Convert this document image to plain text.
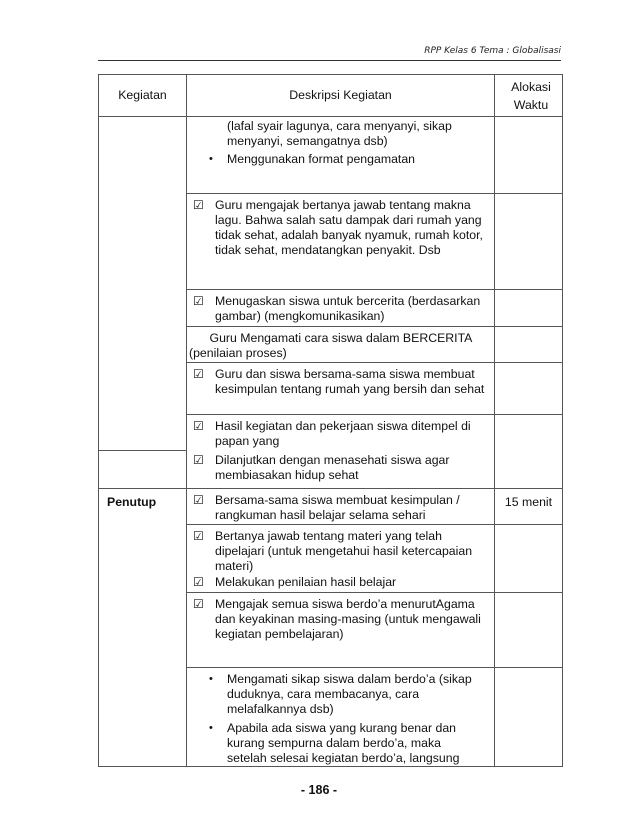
RPP Kelas 6 Tema : Globalisasi
Kegiatan	Deskripsi Kegiatan	Alokasi
Waktu

	(lafal syair lagunya, cara menyanyi, sikap menyanyi, semangatnya dsb)
• Menggunakan format pengamatan	

	☑ Guru mengajak bertanya jawab tentang makna lagu. Bahwa salah satu dampak dari rumah yang tidak sehat, adalah banyak nyamuk, rumah kotor, tidak sehat, mendatangkan penyakit. Dsb	

	☑ Menugaskan siswa untuk bercerita (berdasarkan gambar) (mengkomunikasikan)	

	Guru Mengamati cara siswa dalam BERCERITA (penilaian proses)	

	☑ Guru dan siswa bersama-sama siswa membuat kesimpulan tentang rumah yang bersih dan sehat	

	☑ Hasil kegiatan dan pekerjaan siswa ditempel di papan yang
☑ Dilanjutkan dengan menasehati siswa agar membiasakan hidup sehat	

Penutup	☑ Bersama-sama siswa membuat kesimpulan / rangkuman hasil belajar selama sehari	15 menit

	☑ Bertanya jawab tentang materi yang telah dipelajari (untuk mengetahui hasil ketercapaian materi)
☑ Melakukan penilaian hasil belajar	

	☑ Mengajak semua siswa berdo’a menurutAgama dan keyakinan masing-masing (untuk mengawali kegiatan pembelajaran)	

	• Mengamati sikap siswa dalam berdo’a (sikap duduknya, cara membacanya, cara melafalkannya dsb)
• Apabila ada siswa yang kurang benar dan kurang sempurna dalam berdo’a, maka setelah selesai kegiatan berdo’a, langsung	

- 186 -
